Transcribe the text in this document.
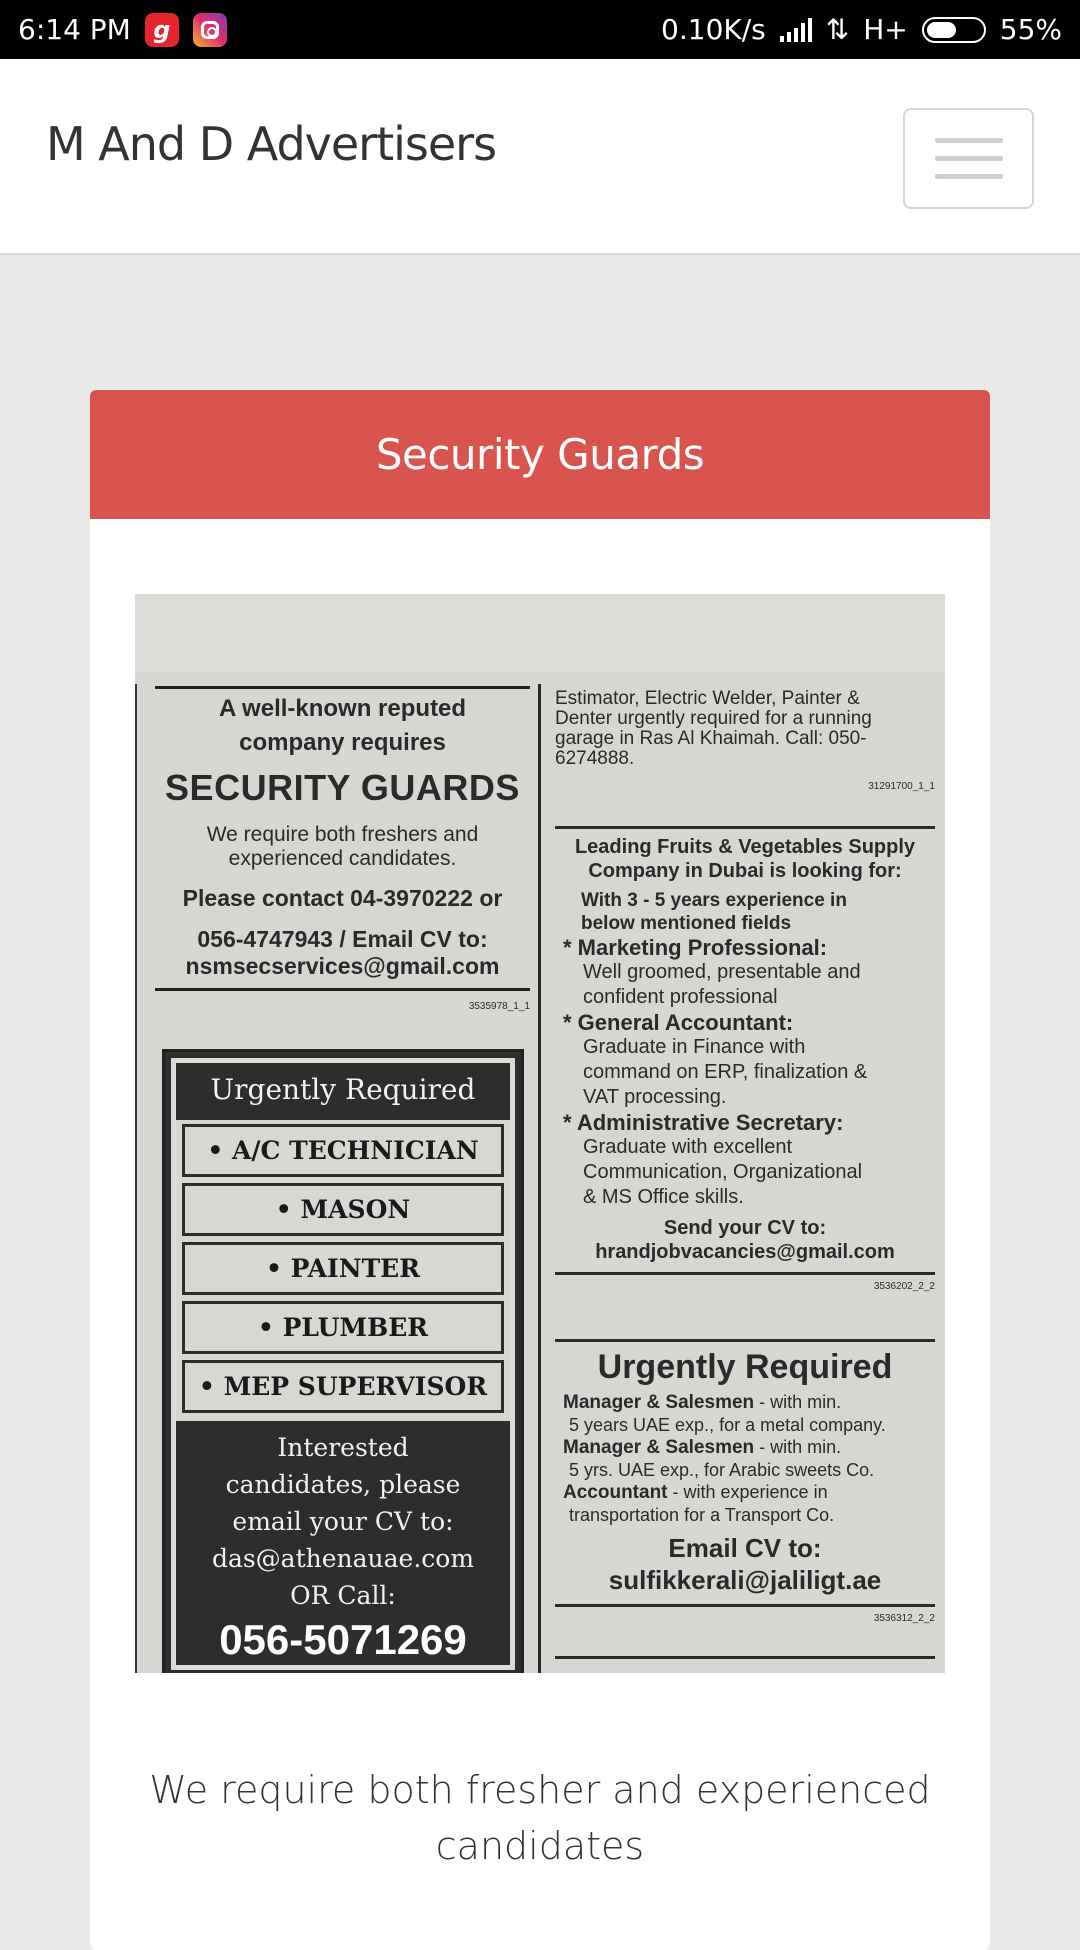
6:14 PM g	0.10K/s ⇅ H+	55%
M And D Advertisers
Security Guards
We require both fresher and experienced candidates
A well-known reputed
company requires
SECURITY GUARDS
We require both freshers and
experienced candidates.
Please contact 04-3970222 or
056-4747943 / Email CV to:
nsmsecservices@gmail.com
3535978_1_1
Urgently Required
• A/C TECHNICIAN
• MASON
• PAINTER
• PLUMBER
• MEP SUPERVISOR
Interested
candidates, please
email your CV to:
das@athenauae.com
OR Call:
056-5071269
Estimator, Electric Welder, Painter &
Denter urgently required for a running
garage in Ras Al Khaimah. Call: 050-
6274888.
31291700_1_1
Leading Fruits & Vegetables Supply
Company in Dubai is looking for:
With 3 - 5 years experience in
below mentioned fields
* Marketing Professional:
Well groomed, presentable and
confident professional
* General Accountant:
Graduate in Finance with
command on ERP, finalization &
VAT processing.
* Administrative Secretary:
Graduate with excellent
Communication, Organizational
& MS Office skills.
Send your CV to:
hrandjobvacancies@gmail.com
3536202_2_2
Urgently Required
Manager & Salesmen - with min.
5 years UAE exp., for a metal company.
Manager & Salesmen - with min.
5 yrs. UAE exp., for Arabic sweets Co.
Accountant - with experience in
transportation for a Transport Co.
Email CV to:
sulfikkerali@jaliligt.ae
3536312_2_2
